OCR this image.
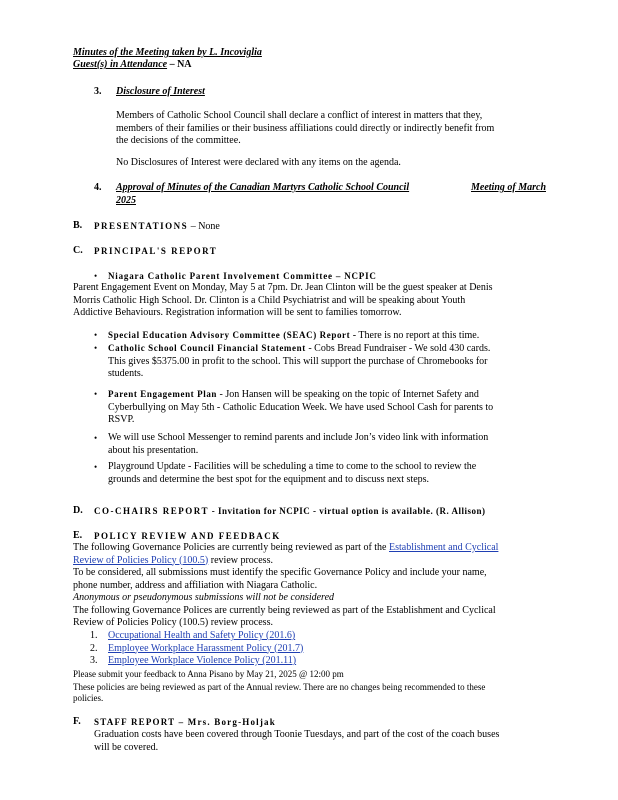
Minutes of the Meeting taken by L. Incoviglia
Guest(s) in Attendance – NA
3. Disclosure of Interest
Members of Catholic School Council shall declare a conflict of interest in matters that they,
members of their families or their business affiliations could directly or indirectly benefit from
the decisions of the committee.
No Disclosures of Interest were declared with any items on the agenda.
4. Approval of Minutes of the Canadian Martyrs Catholic School Council	Meeting of March
2025
B. PRESENTATIONS – None
C. PRINCIPAL'S REPORT
• Niagara Catholic Parent Involvement Committee – NCPIC
Parent Engagement Event on Monday, May 5 at 7pm. Dr. Jean Clinton will be the guest speaker at Denis
Morris Catholic High School. Dr. Clinton is a Child Psychiatrist and will be speaking about Youth
Addictive Behaviours. Registration information will be sent to families tomorrow.
• Special Education Advisory Committee (SEAC) Report - There is no report at this time.
• Catholic School Council Financial Statement - Cobs Bread Fundraiser - We sold 430 cards.
This gives $5375.00 in profit to the school. This will support the purchase of Chromebooks for
students.
• Parent Engagement Plan - Jon Hansen will be speaking on the topic of Internet Safety and
Cyberbullying on May 5th - Catholic Education Week. We have used School Cash for parents to
RSVP.
• We will use School Messenger to remind parents and include Jon’s video link with information
about his presentation.
• Playground Update - Facilities will be scheduling a time to come to the school to review the
grounds and determine the best spot for the equipment and to discuss next steps.
D. CO-CHAIRS REPORT - Invitation for NCPIC - virtual option is available. (R. Allison)
E. POLICY REVIEW AND FEEDBACK
The following Governance Policies are currently being reviewed as part of the Establishment and Cyclical
Review of Policies Policy (100.5) review process.
To be considered, all submissions must identify the specific Governance Policy and include your name,
phone number, address and affiliation with Niagara Catholic.
Anonymous or pseudonymous submissions will not be considered
The following Governance Polices are currently being reviewed as part of the Establishment and Cyclical
Review of Policies Policy (100.5) review process.
1. Occupational Health and Safety Policy (201.6)
2. Employee Workplace Harassment Policy (201.7)
3. Employee Workplace Violence Policy (201.11)
Please submit your feedback to Anna Pisano by May 21, 2025 @ 12:00 pm
These policies are being reviewed as part of the Annual review. There are no changes being recommended to these
policies.
F. STAFF REPORT – Mrs. Borg-Holjak
Graduation costs have been covered through Toonie Tuesdays, and part of the cost of the coach buses
will be covered.
